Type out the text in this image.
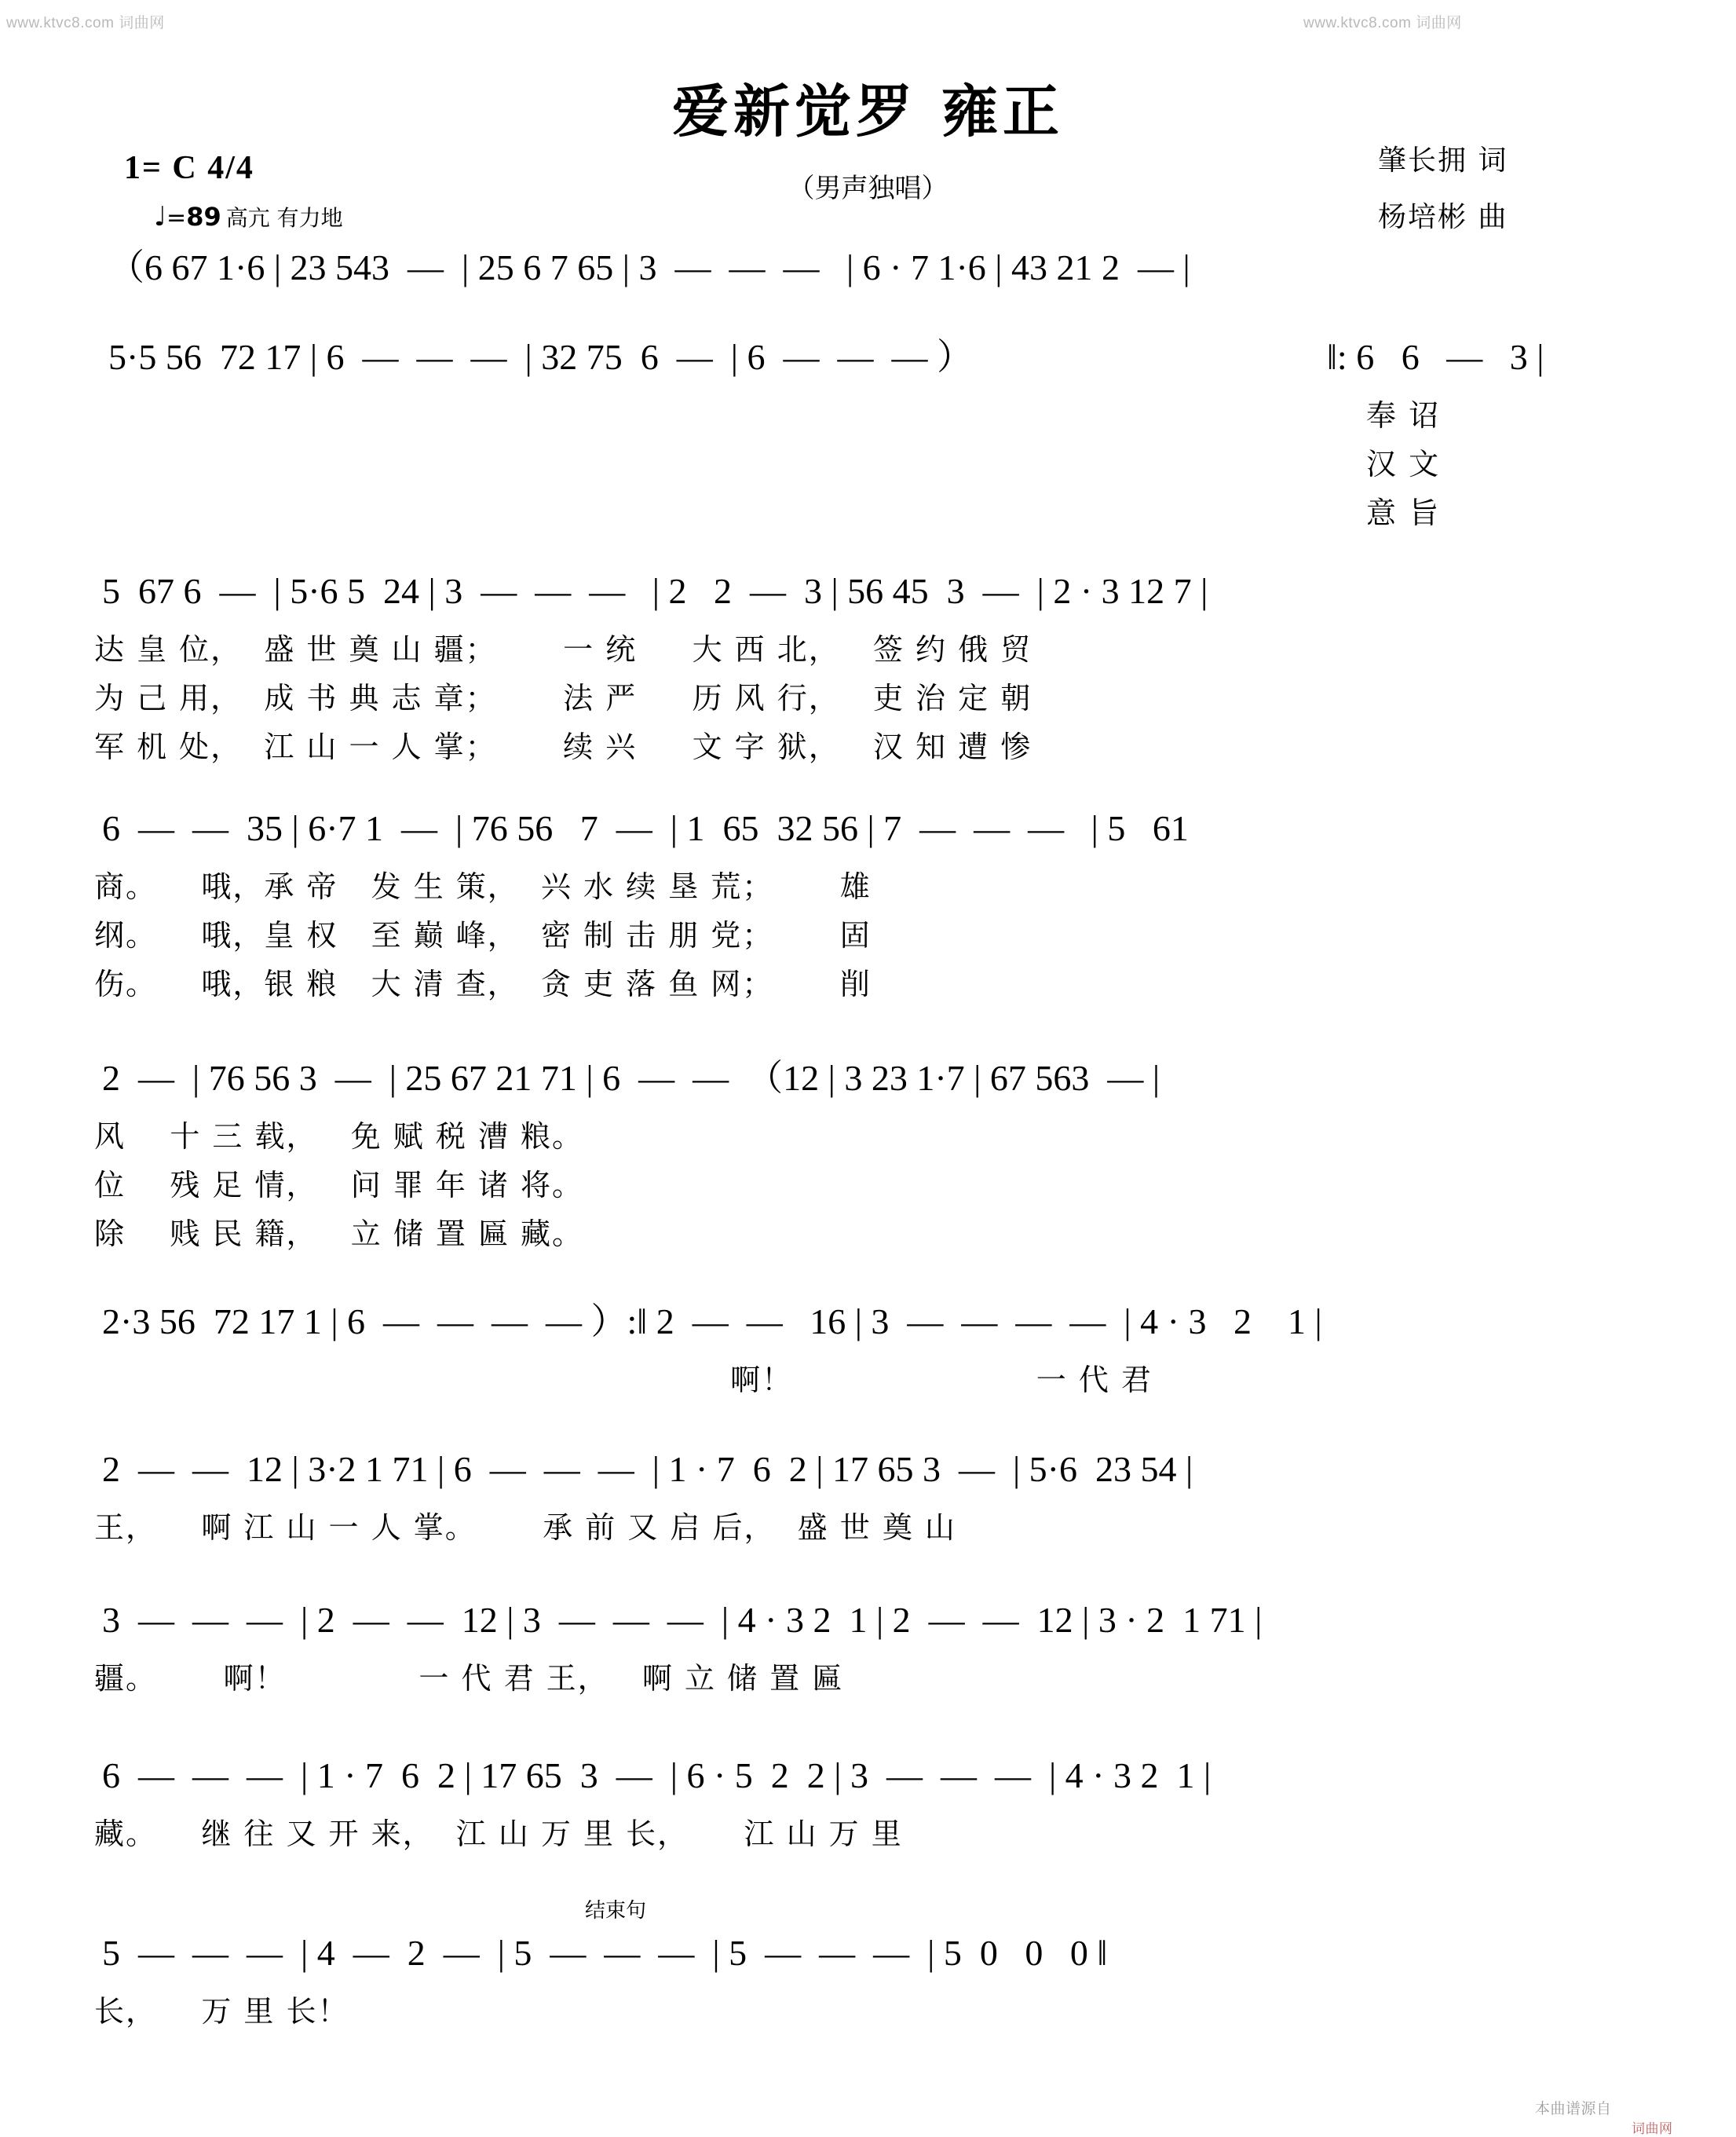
www.ktvc8.com 词曲网	www.ktvc8.com 词曲网
本曲谱源自
词曲网
爱新觉罗 雍正
（男声独唱）
肇长拥 词
杨培彬 曲
1= C 4/4
♩=89 高亢 有力地
（6 67 1·6 | 23 543  —  | 25 6 7 65 | 3  —  —  —   | 6 · 7 1·6 | 43 21 2  — |
5·5 56  72 17 | 6  —  —  —  | 32 75  6  —  | 6  —  —  — ）	‖: 6   6   —   3 |
奉 诏
汉 文
意 旨
5  67 6  —  | 5·6 5  24 | 3  —  —  —   | 2   2  —  3 | 56 45  3  —  | 2 · 3 12 7 |
达 皇 位，  盛 世 奠 山 疆；      一 统     大 西 北，   签 约 俄 贸
为 己 用，  成 书 典 志 章；      法 严     历 风 行，   吏 治 定 朝
军 机 处，  江 山 一 人 掌；      续 兴     文 字 狱，   汉 知 遭 惨
6  —  —  35 | 6·7 1  —  | 76 56   7  —  | 1  65  32 56 | 7  —  —  —   | 5   61
商。    哦，承 帝   发 生 策，  兴 水 续 垦 荒；      雄
纲。    哦，皇 权   至 巅 峰，  密 制 击 朋 党；      固
伤。    哦，银 粮   大 清 查，  贪 吏 落 鱼 网；      削
2  —  | 76 56 3  —  | 25 67 21 71 | 6  —  —  （12 | 3 23 1·7 | 67 563  — |
风    十 三 载，   免 赋 税 漕 粮。
位    残 足 情，   问 罪 年 诸 将。
除    贱 民 籍，   立 储 置 匾 藏。
2·3 56  72 17 1 | 6  —  —  —  — ）:‖ 2  —  —   16 | 3  —  —  —  —  | 4 · 3   2    1 |
啊！                      一 代 君
2  —  —  12 | 3·2 1 71 | 6  —  —  —  | 1 · 7  6  2 | 17 65 3  —  | 5·6  23 54 |
王，    啊 江 山 一 人 掌。      承 前 又 启 后，  盛 世 奠 山
3  —  —  —  | 2  —  —  12 | 3  —  —  —  | 4 · 3 2  1 | 2  —  —  12 | 3 · 2  1 71 |
疆。      啊！            一 代 君 王，   啊 立 储 置 匾
6  —  —  —  | 1 · 7  6  2 | 17 65  3  —  | 6 · 5  2  2 | 3  —  —  —  | 4 · 3 2  1 |
藏。    继 往 又 开 来，  江 山 万 里 长，     江 山 万 里
结束句
5  —  —  —  | 4  —  2  —  | 5  —  —  —  | 5  —  —  —  | 5  0   0   0 ‖
长，    万 里 长！
